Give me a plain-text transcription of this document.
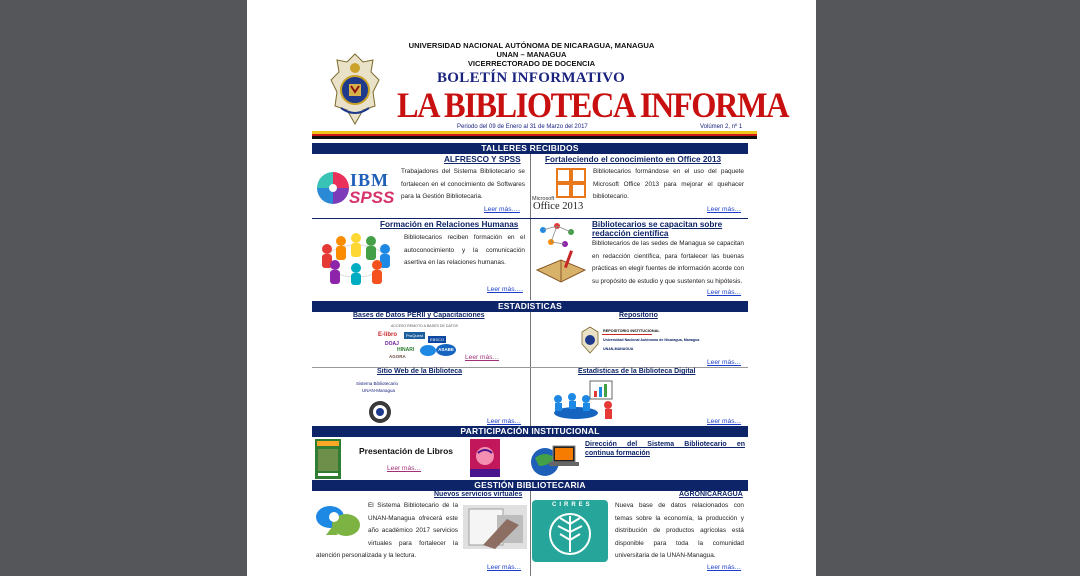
UNIVERSIDAD NACIONAL AUTÓNOMA DE NICARAGUA, MANAGUA
UNAN – MANAGUA
VICERRECTORADO DE DOCENCIA
BOLETÍN INFORMATIVO
LA BIBLIOTECA INFORMA
Periodo del 09 de Enero al 31 de Marzo del 2017	Volúmen 2, nº 1
TALLERES RECIBIDOS
ALFRESCO Y SPSS
IBM
SPSS
Trabajadores del Sistema Bibliotecario se fortalecen en el conocimiento de Softwares para la Gestión Bibliotecaria.
Leer más….
Fortaleciendo el conocimiento en Office 2013
Microsoft
Office 2013
Bibliotecarios formándose en el uso del paquete Microsoft Office 2013 para mejorar el quehacer bibliotecario.
Leer más…
Formación en Relaciones Humanas
Bibliotecarios reciben formación en el autoconocimiento y la comunicación asertiva en las relaciones humanas.
Leer más….
Bibliotecarios se capacitan sobre
redacción científica
Bibliotecarios de las sedes de Managua se capacitan en redacción científica, para fortalecer las buenas prácticas en elegir fuentes de información acorde con su propósito de estudio y que sustenten su hipótesis.
Leer más…
ESTADISTICAS
Bases de Datos PERII y Capacitaciones
ACCESO REMOTO A BASES DE DATOS
E-libro	ProQuest
EBSCO
DOAJ
HINARI
AGORA
ASABE
Leer más…
Repositorio
REPOSITORIO INSTITUCIONAL
Universidad Nacional Autónoma de Nicaragua, Managua
UNAN-MANAGUA
Leer más…
Sitio Web de la Biblioteca
Sistema Bibliotecario
UNAN-Managua
Leer más…
Estadísticas de la Biblioteca Digital
Leer más…
PARTICIPACIÓN INSTITUCIONAL
Presentación de Libros
Leer más…
Dirección del Sistema Bibliotecario en
continua formación
GESTIÓN BIBLIOTECARIA
Nuevos servicios virtuales
El Sistema Bibliotecario de la UNAN-Managua ofrecerá este año académico 2017 servicios virtuales para fortalecer la atención personalizada y la lectura.
Leer más…
AGRONICARAGUA
CIRRES	Nueva base de datos relacionados con temas sobre la economía, la producción y distribución de productos agrícolas está disponible para toda la comunidad universitaria de la UNAN-Managua.
Leer más…
